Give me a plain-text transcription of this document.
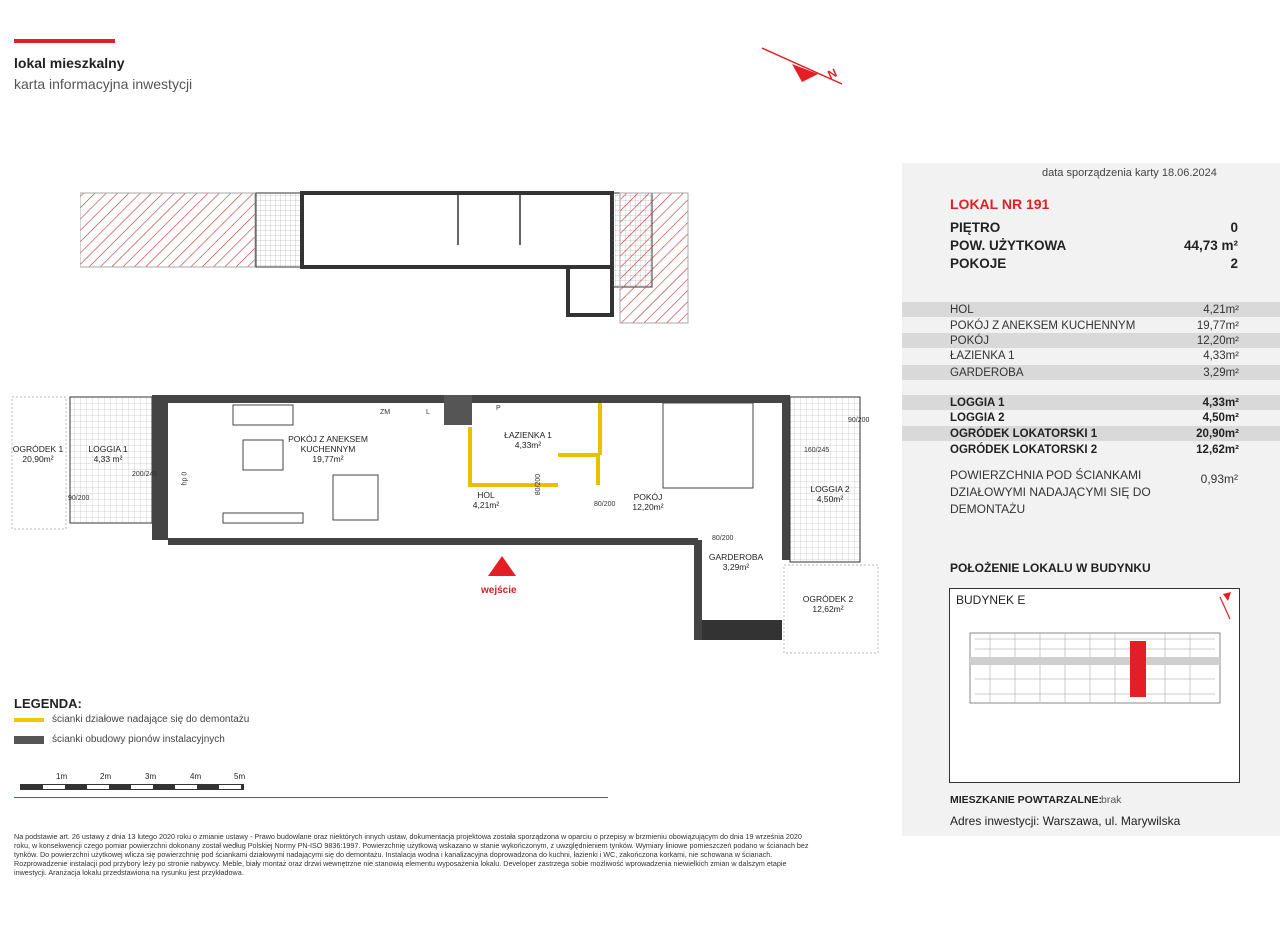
lokal mieszkalny
karta informacyjna inwestycji
N
OGRÓDEK 1
20,90m²
LOGGIA 1
4,33 m²
POKÓJ Z ANEKSEM KUCHENNYM
19,77m²
ŁAZIENKA 1
4,33m²
HOL
4,21m²
POKÓJ
12,20m²
LOGGIA 2
4,50m²
GARDEROBA
3,29m²
OGRÓDEK 2
12,62m²
ZM	L
P
hp 0
90/200
200/245	80/200
80/200
160/245
90/200
80/200
wejście
LEGENDA:
ścianki działowe nadające się do demontażu
ścianki obudowy pionów instalacyjnych
1m	2m	3m	4m	5m
Na podstawie art. 26 ustawy z dnia 13 lutego 2020 roku o zmianie ustawy - Prawo budowlane oraz niektórych innych ustaw, dokumentacja projektowa została sporządzona w oparciu o przepisy w brzmieniu obowiązującym do dnia 19 września 2020 roku, w konsekwencji czego pomiar powierzchni dokonany został według Polskiej Normy PN-ISO 9836:1997. Powierzchnię użytkową wskazano w stanie wykończonym, z uwzględnieniem tynków. Wymiary liniowe pomieszczeń podano w ścianach bez tynków. Do powierzchni użytkowej wlicza się powierzchnię pod ściankami działowymi nadającymi się do demontażu. Instalacja wodna i kanalizacyjna doprowadzona do kuchni, łazienki i WC, zakończona korkami, nie schowana w ścianach. Rozprowadzenie instalacji pod przybory leży po stronie nabywcy. Meble, biały montaż oraz drzwi wewnętrzne nie stanowią elementu wyposażenia lokalu. Developer zastrzega sobie możliwość wprowadzenia niewielkich zmian w dalszym etapie inwestycji. Aranżacja lokalu przedstawiona na rysunku jest przykładowa.
data sporządzenia karty 18.06.2024
LOKAL NR 191
PIĘTRO	0
POW. UŻYTKOWA	44,73 m²
POKOJE	2
HOL	4,21m²
POKÓJ Z ANEKSEM KUCHENNYM	19,77m²
POKÓJ	12,20m²
ŁAZIENKA 1	4,33m²
GARDEROBA	3,29m²
LOGGIA 1	4,33m²
LOGGIA 2	4,50m²
OGRÓDEK LOKATORSKI 1	20,90m²
OGRÓDEK LOKATORSKI 2	12,62m²
POWIERZCHNIA POD ŚCIANKAMI DZIAŁOWYMI NADAJĄCYMI SIĘ DO DEMONTAŻU
0,93m²
POŁOŻENIE LOKALU W BUDYNKU
BUDYNEK E
MIESZKANIE POWTARZALNE:
brak
Adres inwestycji: Warszawa, ul. Marywilska
